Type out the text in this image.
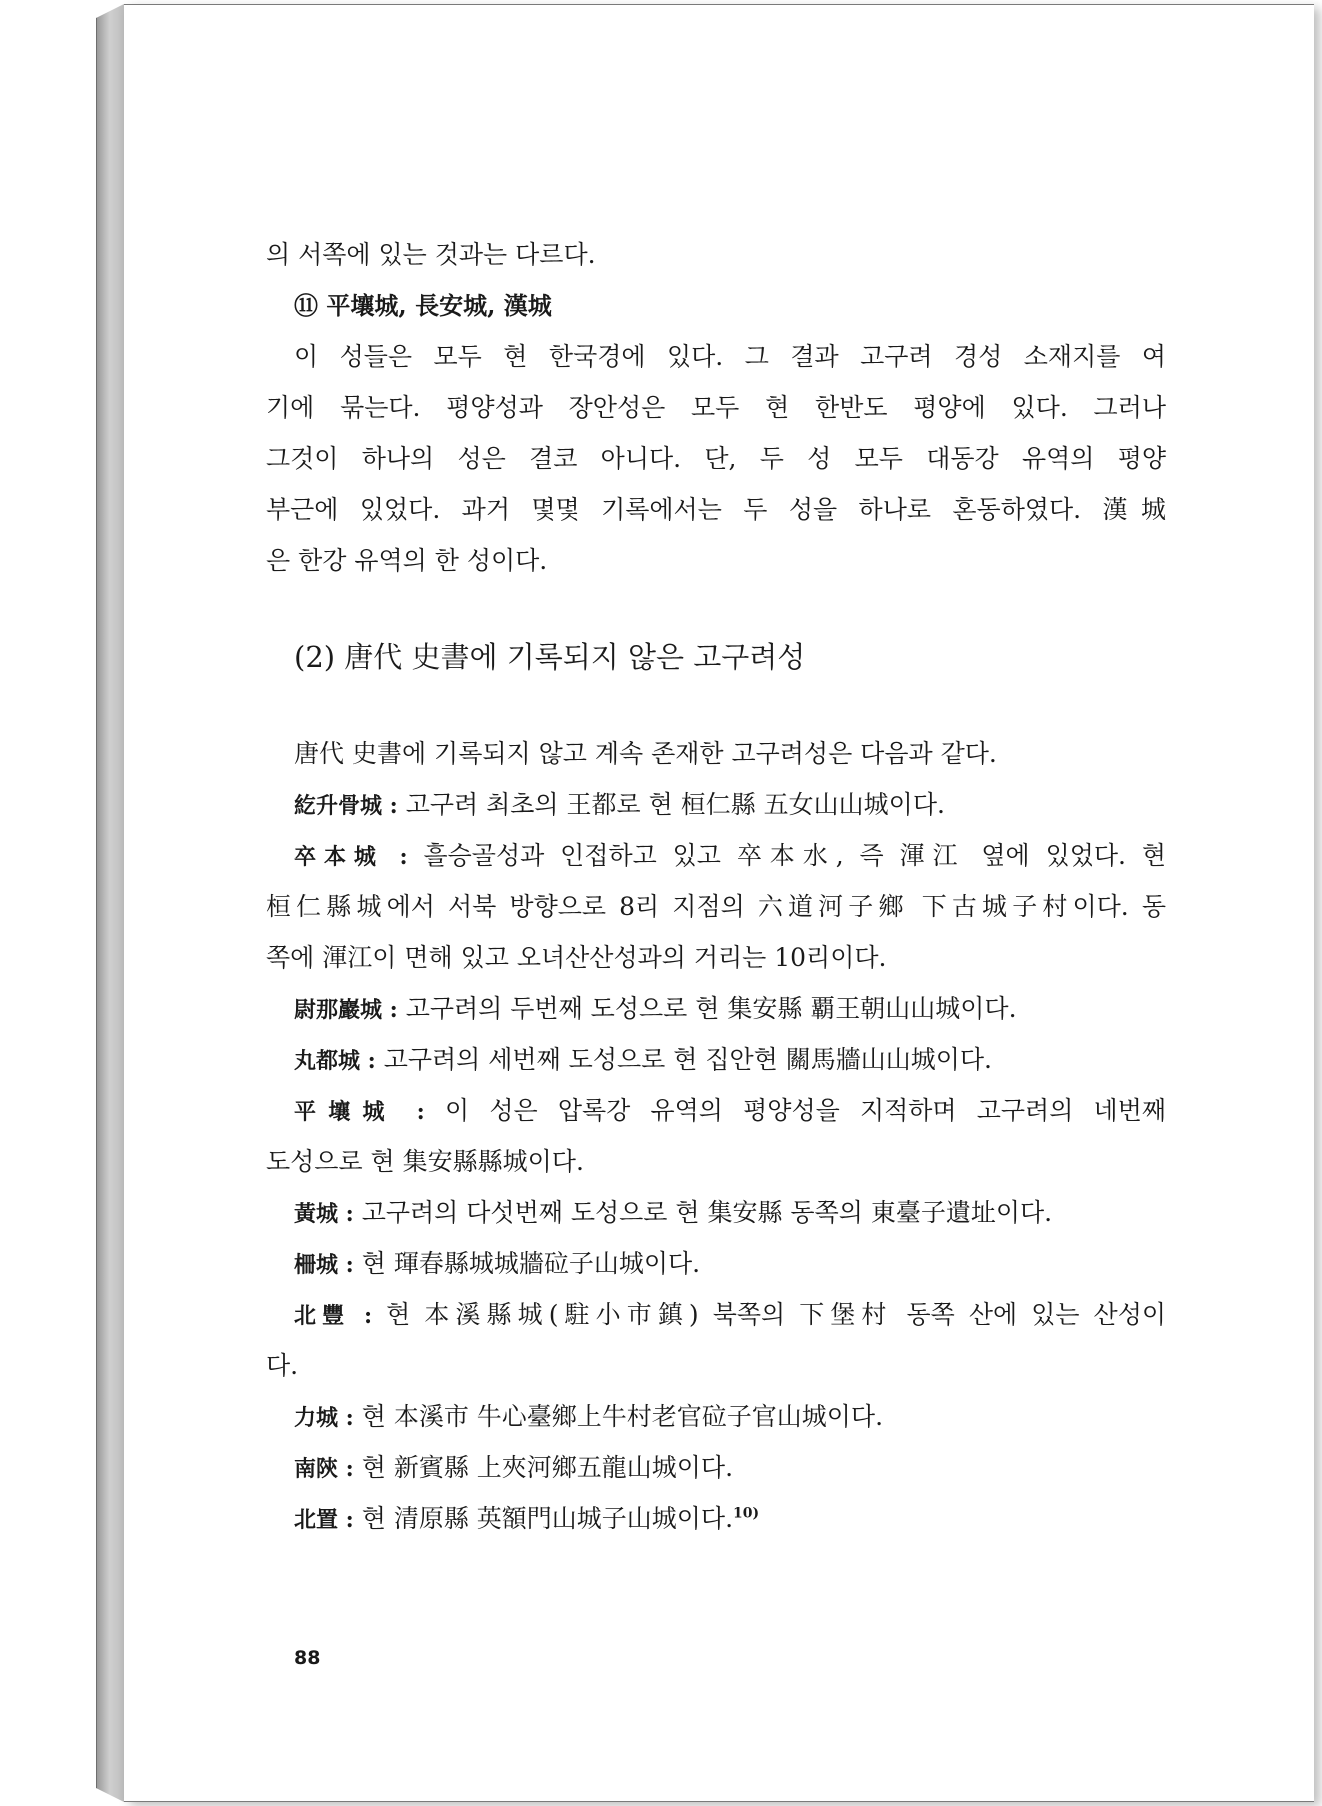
의 서쪽에 있는 것과는 다르다.
⑪ 平壤城, 長安城, 漢城
이 성들은 모두 현 한국경에 있다. 그 결과 고구려 경성 소재지를 여
기에 묶는다. 평양성과 장안성은 모두 현 한반도 평양에 있다. 그러나
그것이 하나의 성은 결코 아니다. 단, 두 성 모두 대동강 유역의 평양
부근에 있었다. 과거 몇몇 기록에서는 두 성을 하나로 혼동하였다. 漢城
은 한강 유역의 한 성이다.
(2) 唐代 史書에 기록되지 않은 고구려성
唐代 史書에 기록되지 않고 계속 존재한 고구려성은 다음과 같다.
紇升骨城 : 고구려 최초의 王都로 현 桓仁縣 五女山山城이다.
卒本城 : 흘승골성과 인접하고 있고 卒本水, 즉 渾江 옆에 있었다. 현
桓仁縣城에서 서북 방향으로 8리 지점의 六道河子鄉 下古城子村이다. 동
쪽에 渾江이 면해 있고 오녀산산성과의 거리는 10리이다.
尉那巖城 : 고구려의 두번째 도성으로 현 集安縣 覇王朝山山城이다.
丸都城 : 고구려의 세번째 도성으로 현 집안현 關馬牆山山城이다.
平壤城 : 이 성은 압록강 유역의 평양성을 지적하며 고구려의 네번째
도성으로 현 集安縣縣城이다.
黃城 : 고구려의 다섯번째 도성으로 현 集安縣 동쪽의 東臺子遺址이다.
柵城 : 현 琿春縣城城牆砬子山城이다.
北豐 : 현 本溪縣城(駐小市鎮) 북쪽의 下堡村 동쪽 산에 있는 산성이
다.
力城 : 현 本溪市 牛心臺鄉上牛村老官砬子官山城이다.
南陝 : 현 新賓縣 上夾河鄉五龍山城이다.
北置 : 현 清原縣 英額門山城子山城이다.$^{10)}$
88
